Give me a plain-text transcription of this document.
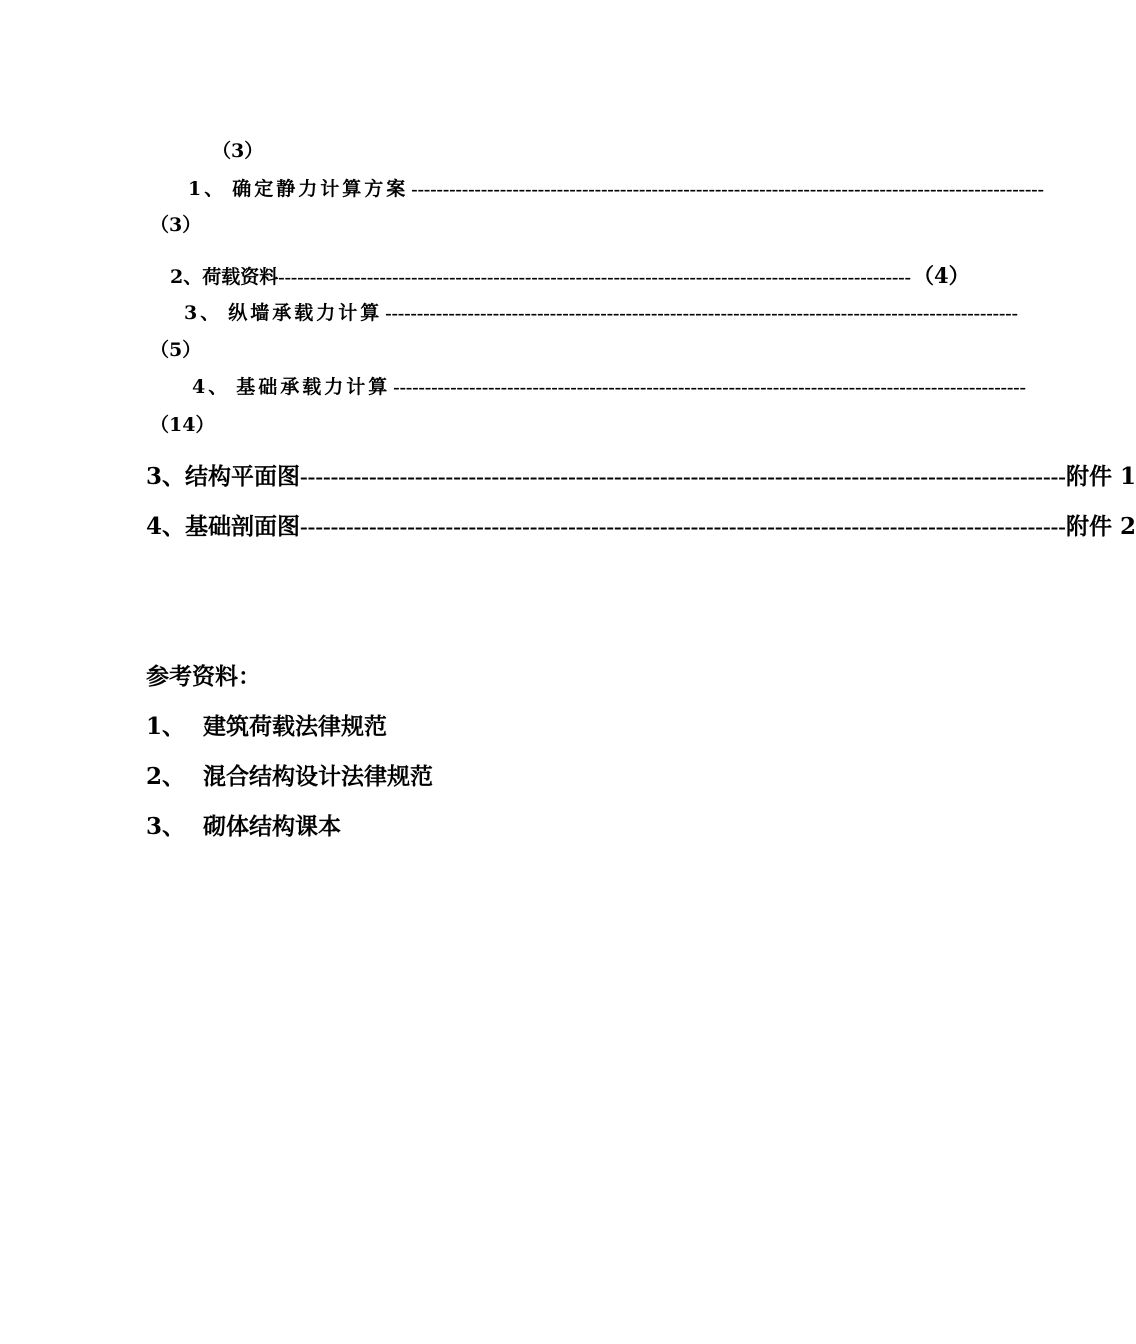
（3）
1、 确定静力计算方案 ----------------------------------------------------------------------------------------------------
（3）
2、 荷载资料 ---------------------------------------------------------------------------------------------------- （4）
3、 纵墙承载力计算 ----------------------------------------------------------------------------------------------------
（5）
4、 基础承载力计算 ----------------------------------------------------------------------------------------------------
（14）
3、 结构平面图 ---------------------------------------------------------------------------------------------------- 附件 1
4、 基础剖面图 ---------------------------------------------------------------------------------------------------- 附件 2
参考资料：
1、 建筑荷载法律规范
2、 混合结构设计法律规范
3、 砌体结构课本
